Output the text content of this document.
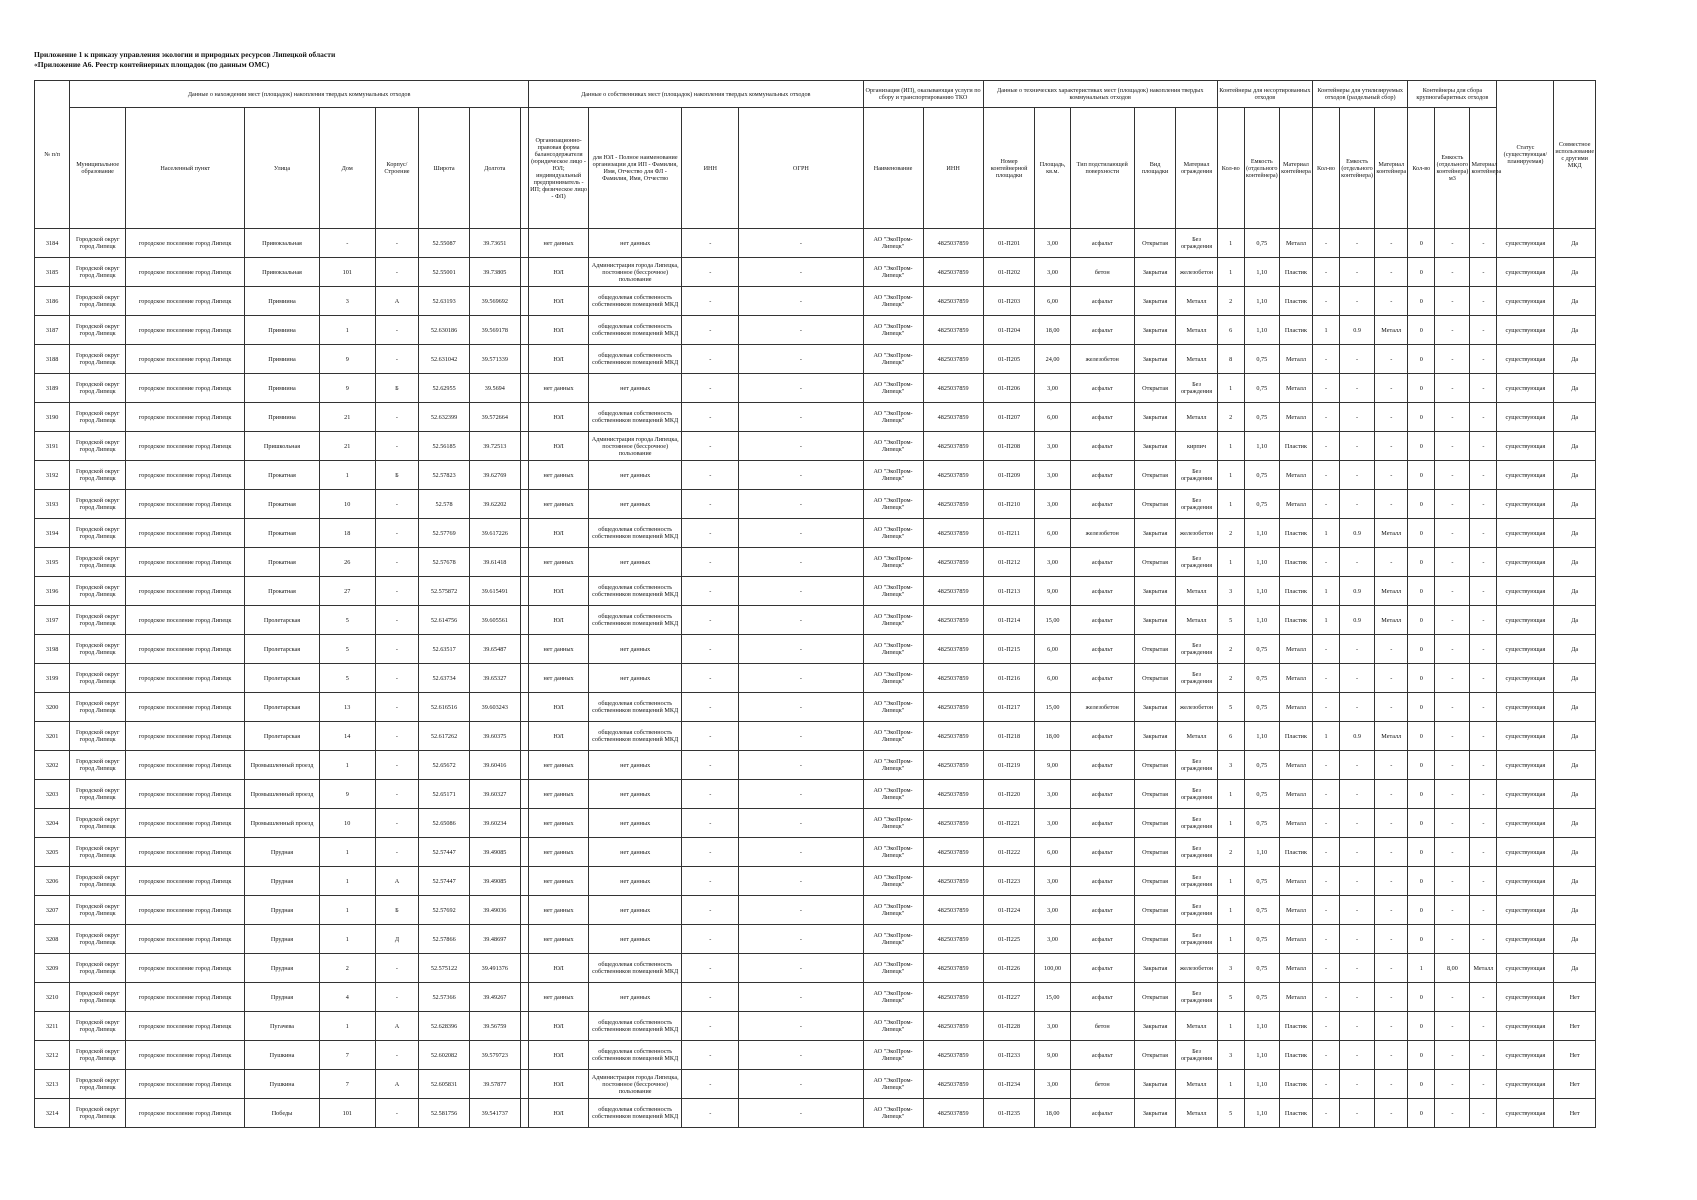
Приложение 1 к приказу управления экологии и природных ресурсов Липецкой области
«Приложение А6. Реестр контейнерных площадок (по данным ОМС)
№ п/п	Данные о нахождении мест (площадок) накопления твердых коммунальных отходов								Данные о собственниках мест (площадок) накопления твердых коммунальных отходов				Организация (ИП), оказывающая услуги по сбору и транспортированию ТКО		Данные о технических характеристиках мест (площадок) накопления твердых коммунальных отходов					Контейнеры для несортированных отходов			Контейнеры для утилизируемых отходов (раздельный сбор)			Контейнеры для сбора крупногабаритных отходов			Статус (существующая/ планируемая)	Совместное использование с другими МКД
	Муниципальное образование	Населенный пункт	Улица	Дом	Корпус/Строение	Широта	Долгота		Организационно-правовая форма балансодержателя (юридическое лицо - ЮЛ; индивидуальный предприниматель - ИП; физическое лицо - ФЛ)	для ЮЛ - Полное наименование организации для ИП - Фамилия, Имя, Отчество для ФЛ - Фамилия, Имя, Отчество	ИНН	ОГРН	Наименование	ИНН	Номер контейнерной площадки	Площадь, кв.м.	Тип подстилающей поверхности	Вид площадки	Материал ограждения	Кол-во	Емкость (отдельного контейнера)	Материал контейнера	Кол-во	Емкость (отдельного контейнера)	Материал контейнера	Кол-во	Емкость (отдельного контейнера) м3	Материал контейнера		

3184	Городской округ город Липецк	городское поселение город Липецк	Привокзальная	-	-	52.55087	39.73651		нет данных	нет данных	-	-	АО "ЭкоПром-Липецк"	4825037859	01-П201	3,00	асфальт	Открытая	Без ограждения	1	0,75	Металл	-	-	-	0	-	-	существующая	Да

3185	Городской округ город Липецк	городское поселение город Липецк	Привокзальная	101	-	52.55001	39.73805		ЮЛ	Администрация города Липецка, постоянное (бессрочное) пользование	-	-	АО "ЭкоПром-Липецк"	4825037859	01-П202	3,00	бетон	Закрытая	железобетон	1	1,10	Пластик	-	-	-	0	-	-	существующая	Да

3186	Городской округ город Липецк	городское поселение город Липецк	Примиина	3	А	52.63193	39.569692		ЮЛ	общедолевая собственность собственников помещений МКД	-	-	АО "ЭкоПром-Липецк"	4825037859	01-П203	6,00	асфальт	Закрытая	Металл	2	1,10	Пластик	-	-	-	0	-	-	существующая	Да

3187	Городской округ город Липецк	городское поселение город Липецк	Примиина	1	-	52.630186	39.569178		ЮЛ	общедолевая собственность собственников помещений МКД	-	-	АО "ЭкоПром-Липецк"	4825037859	01-П204	18,00	асфальт	Закрытая	Металл	6	1,10	Пластик	1	0.9	Металл	0	-	-	существующая	Да

3188	Городской округ город Липецк	городское поселение город Липецк	Примиина	9	-	52.631042	39.571339		ЮЛ	общедолевая собственность собственников помещений МКД	-	-	АО "ЭкоПром-Липецк"	4825037859	01-П205	24,00	железобетон	Закрытая	Металл	8	0,75	Металл	-	-	-	0	-	-	существующая	Да

3189	Городской округ город Липецк	городское поселение город Липецк	Примиина	9	Б	52.62955	39.5694		нет данных	нет данных	-	-	АО "ЭкоПром-Липецк"	4825037859	01-П206	3,00	асфальт	Открытая	Без ограждения	1	0,75	Металл	-	-	-	0	-	-	существующая	Да

3190	Городской округ город Липецк	городское поселение город Липецк	Примиина	21	-	52.632399	39.572664		ЮЛ	общедолевая собственность собственников помещений МКД	-	-	АО "ЭкоПром-Липецк"	4825037859	01-П207	6,00	асфальт	Закрытая	Металл	2	0,75	Металл	-	-	-	0	-	-	существующая	Да

3191	Городской округ город Липецк	городское поселение город Липецк	Пришкольная	21	-	52.56185	39.72513		ЮЛ	Администрация города Липецка, постоянное (бессрочное) пользование	-	-	АО "ЭкоПром-Липецк"	4825037859	01-П208	3,00	асфальт	Закрытая	кирпич	1	1,10	Пластик	-	-	-	0	-	-	существующая	Да

3192	Городской округ город Липецк	городское поселение город Липецк	Прокатная	1	Б	52.57823	39.62769		нет данных	нет данных	-	-	АО "ЭкоПром-Липецк"	4825037859	01-П209	3,00	асфальт	Открытая	Без ограждения	1	0,75	Металл	-	-	-	0	-	-	существующая	Да

3193	Городской округ город Липецк	городское поселение город Липецк	Прокатная	10	-	52.578	39.62202		нет данных	нет данных	-	-	АО "ЭкоПром-Липецк"	4825037859	01-П210	3,00	асфальт	Открытая	Без ограждения	1	0,75	Металл	-	-	-	0	-	-	существующая	Да

3194	Городской округ город Липецк	городское поселение город Липецк	Прокатная	18	-	52.57769	39.617226		ЮЛ	общедолевая собственность собственников помещений МКД	-	-	АО "ЭкоПром-Липецк"	4825037859	01-П211	6,00	железобетон	Закрытая	железобетон	2	1,10	Пластик	1	0.9	Металл	0	-	-	существующая	Да

3195	Городской округ город Липецк	городское поселение город Липецк	Прокатная	26	-	52.57678	39.61418		нет данных	нет данных	-	-	АО "ЭкоПром-Липецк"	4825037859	01-П212	3,00	асфальт	Открытая	Без ограждения	1	1,10	Пластик	-	-	-	0	-	-	существующая	Да

3196	Городской округ город Липецк	городское поселение город Липецк	Прокатная	27	-	52.575872	39.615491		ЮЛ	общедолевая собственность собственников помещений МКД	-	-	АО "ЭкоПром-Липецк"	4825037859	01-П213	9,00	асфальт	Закрытая	Металл	3	1,10	Пластик	1	0.9	Металл	0	-	-	существующая	Да

3197	Городской округ город Липецк	городское поселение город Липецк	Пролетарская	5	-	52.614756	39.605561		ЮЛ	общедолевая собственность собственников помещений МКД	-	-	АО "ЭкоПром-Липецк"	4825037859	01-П214	15,00	асфальт	Закрытая	Металл	5	1,10	Пластик	1	0.9	Металл	0	-	-	существующая	Да

3198	Городской округ город Липецк	городское поселение город Липецк	Пролетарская	5	-	52.63517	39.65487		нет данных	нет данных	-	-	АО "ЭкоПром-Липецк"	4825037859	01-П215	6,00	асфальт	Открытая	Без ограждения	2	0,75	Металл	-	-	-	0	-	-	существующая	Да

3199	Городской округ город Липецк	городское поселение город Липецк	Пролетарская	5	-	52.63734	39.65327		нет данных	нет данных	-	-	АО "ЭкоПром-Липецк"	4825037859	01-П216	6,00	асфальт	Открытая	Без ограждения	2	0,75	Металл	-	-	-	0	-	-	существующая	Да

3200	Городской округ город Липецк	городское поселение город Липецк	Пролетарская	13	-	52.616516	39.603243		ЮЛ	общедолевая собственность собственников помещений МКД	-	-	АО "ЭкоПром-Липецк"	4825037859	01-П217	15,00	железобетон	Закрытая	железобетон	5	0,75	Металл	-	-	-	0	-	-	существующая	Да

3201	Городской округ город Липецк	городское поселение город Липецк	Пролетарская	14	-	52.617262	39.60375		ЮЛ	общедолевая собственность собственников помещений МКД	-	-	АО "ЭкоПром-Липецк"	4825037859	01-П218	18,00	асфальт	Закрытая	Металл	6	1,10	Пластик	1	0.9	Металл	0	-	-	существующая	Да

3202	Городской округ город Липецк	городское поселение город Липецк	Промышленный проезд	1	-	52.65672	39.60416		нет данных	нет данных	-	-	АО "ЭкоПром-Липецк"	4825037859	01-П219	9,00	асфальт	Открытая	Без ограждения	3	0,75	Металл	-	-	-	0	-	-	существующая	Да

3203	Городской округ город Липецк	городское поселение город Липецк	Промышленный проезд	9	-	52.65171	39.60327		нет данных	нет данных	-	-	АО "ЭкоПром-Липецк"	4825037859	01-П220	3,00	асфальт	Открытая	Без ограждения	1	0,75	Металл	-	-	-	0	-	-	существующая	Да

3204	Городской округ город Липецк	городское поселение город Липецк	Промышленный проезд	10	-	52.65086	39.60234		нет данных	нет данных	-	-	АО "ЭкоПром-Липецк"	4825037859	01-П221	3,00	асфальт	Открытая	Без ограждения	1	0,75	Металл	-	-	-	0	-	-	существующая	Да

3205	Городской округ город Липецк	городское поселение город Липецк	Прудная	1	-	52.57447	39.49085		нет данных	нет данных	-	-	АО "ЭкоПром-Липецк"	4825037859	01-П222	6,00	асфальт	Открытая	Без ограждения	2	1,10	Пластик	-	-	-	0	-	-	существующая	Да

3206	Городской округ город Липецк	городское поселение город Липецк	Прудная	1	А	52.57447	39.49085		нет данных	нет данных	-	-	АО "ЭкоПром-Липецк"	4825037859	01-П223	3,00	асфальт	Открытая	Без ограждения	1	0,75	Металл	-	-	-	0	-	-	существующая	Да

3207	Городской округ город Липецк	городское поселение город Липецк	Прудная	1	Б	52.57692	39.49036		нет данных	нет данных	-	-	АО "ЭкоПром-Липецк"	4825037859	01-П224	3,00	асфальт	Открытая	Без ограждения	1	0,75	Металл	-	-	-	0	-	-	существующая	Да

3208	Городской округ город Липецк	городское поселение город Липецк	Прудная	1	Д	52.57866	39.48697		нет данных	нет данных	-	-	АО "ЭкоПром-Липецк"	4825037859	01-П225	3,00	асфальт	Открытая	Без ограждения	1	0,75	Металл	-	-	-	0	-	-	существующая	Да

3209	Городской округ город Липецк	городское поселение город Липецк	Прудная	2	-	52.575122	39.491376		ЮЛ	общедолевая собственность собственников помещений МКД	-	-	АО "ЭкоПром-Липецк"	4825037859	01-П226	100,00	асфальт	Закрытая	железобетон	3	0,75	Металл	-	-	-	1	8,00	Металл	существующая	Да

3210	Городской округ город Липецк	городское поселение город Липецк	Прудная	4	-	52.57366	39.49267		нет данных	нет данных	-	-	АО "ЭкоПром-Липецк"	4825037859	01-П227	15,00	асфальт	Открытая	Без ограждения	5	0,75	Металл	-	-	-	0	-	-	существующая	Нет

3211	Городской округ город Липецк	городское поселение город Липецк	Пугачева	1	А	52.628396	39.56759		ЮЛ	общедолевая собственность собственников помещений МКД	-	-	АО "ЭкоПром-Липецк"	4825037859	01-П228	3,00	бетон	Закрытая	Металл	1	1,10	Пластик	-	-	-	0	-	-	существующая	Нет

3212	Городской округ город Липецк	городское поселение город Липецк	Пушкина	7	-	52.602082	39.579723		ЮЛ	общедолевая собственность собственников помещений МКД	-	-	АО "ЭкоПром-Липецк"	4825037859	01-П233	9,00	асфальт	Открытая	Без ограждения	3	1,10	Пластик	-	-	-	0	-	-	существующая	Нет

3213	Городской округ город Липецк	городское поселение город Липецк	Пушкина	7	А	52.605831	39.57877		ЮЛ	Администрация города Липецка, постоянное (бессрочное) пользование	-	-	АО "ЭкоПром-Липецк"	4825037859	01-П234	3,00	бетон	Закрытая	Металл	1	1,10	Пластик	-	-	-	0	-	-	существующая	Нет

3214	Городской округ город Липецк	городское поселение город Липецк	Победы	101	-	52.581756	39.541737		ЮЛ	общедолевая собственность собственников помещений МКД	-	-	АО "ЭкоПром-Липецк"	4825037859	01-П235	18,00	асфальт	Закрытая	Металл	5	1,10	Пластик	-	-	-	0	-	-	существующая	Нет
